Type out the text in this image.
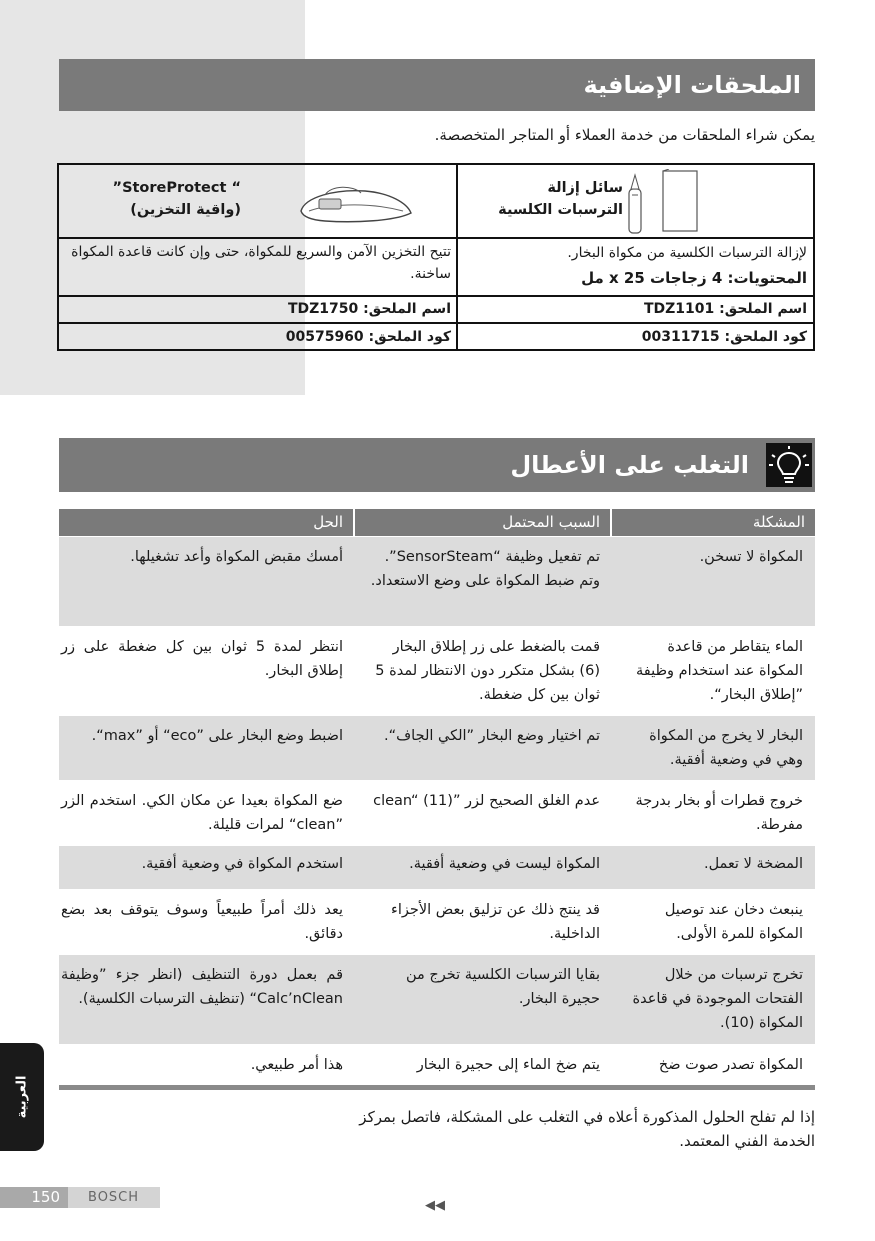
الملحقات الإضافية
يمكن شراء الملحقات من خدمة العملاء أو المتاجر المتخصصة.
سائل إزالة الترسبات الكلسية
لإزالة الترسبات الكلسية من مكواة البخار.
المحتويات: 4 زجاجات x 25 مل
اسم الملحق: TDZ1101
كود الملحق: 00311715
“ StoreProtect” (واقية التخزين)
تتيح التخزين الآمن والسريع للمكواة، حتى وإن كانت قاعدة المكواة ساخنة.
اسم الملحق: TDZ1750
كود الملحق: 00575960
التغلب على الأعطال
المشكلة
السبب المحتمل
الحل
المكواة لا تسخن.
تم تفعيل وظيفة “SensorSteam”. وتم ضبط المكواة على وضع الاستعداد.
أمسك مقبض المكواة وأعد تشغيلها.
الماء يتقاطر من قاعدة المكواة عند استخدام وظيفة ”إطلاق البخار“.
قمت بالضغط على زر إطلاق البخار (6) بشكل متكرر دون الانتظار لمدة 5 ثوان بين كل ضغطة.
انتظر لمدة 5 ثوان بين كل ضغطة على زر إطلاق البخار.
البخار لا يخرج من المكواة وهي في وضعية أفقية.
تم اختيار وضع البخار ”الكي الجاف“.
اضبط وضع البخار على ”eco“ أو ”max“.
خروج قطرات أو بخار بدرجة مفرطة.
عدم الغلق الصحيح لزر ”clean“ (11)
ضع المكواة بعيدا عن مكان الكي. استخدم الزر ”clean“ لمرات قليلة.
المضخة لا تعمل.
المكواة ليست في وضعية أفقية.
استخدم المكواة في وضعية أفقية.
ينبعث دخان عند توصيل المكواة للمرة الأولى.
قد ينتج ذلك عن تزليق بعض الأجزاء الداخلية.
يعد ذلك أمراً طبيعياً وسوف يتوقف بعد بضع دقائق.
تخرج ترسبات من خلال الفتحات الموجودة في قاعدة المكواة (10).
بقايا الترسبات الكلسية تخرج من حجيرة البخار.
قم بعمل دورة التنظيف (انظر جزء ”وظيفة Calc’nClean“ (تنظيف الترسبات الكلسية).
المكواة تصدر صوت ضخ
يتم ضخ الماء إلى حجيرة البخار
هذا أمر طبيعي.
إذا لم تفلح الحلول المذكورة أعلاه في التغلب على المشكلة، فاتصل بمركز الخدمة الفني المعتمد.
العربية
150	BOSCH
◀◀
